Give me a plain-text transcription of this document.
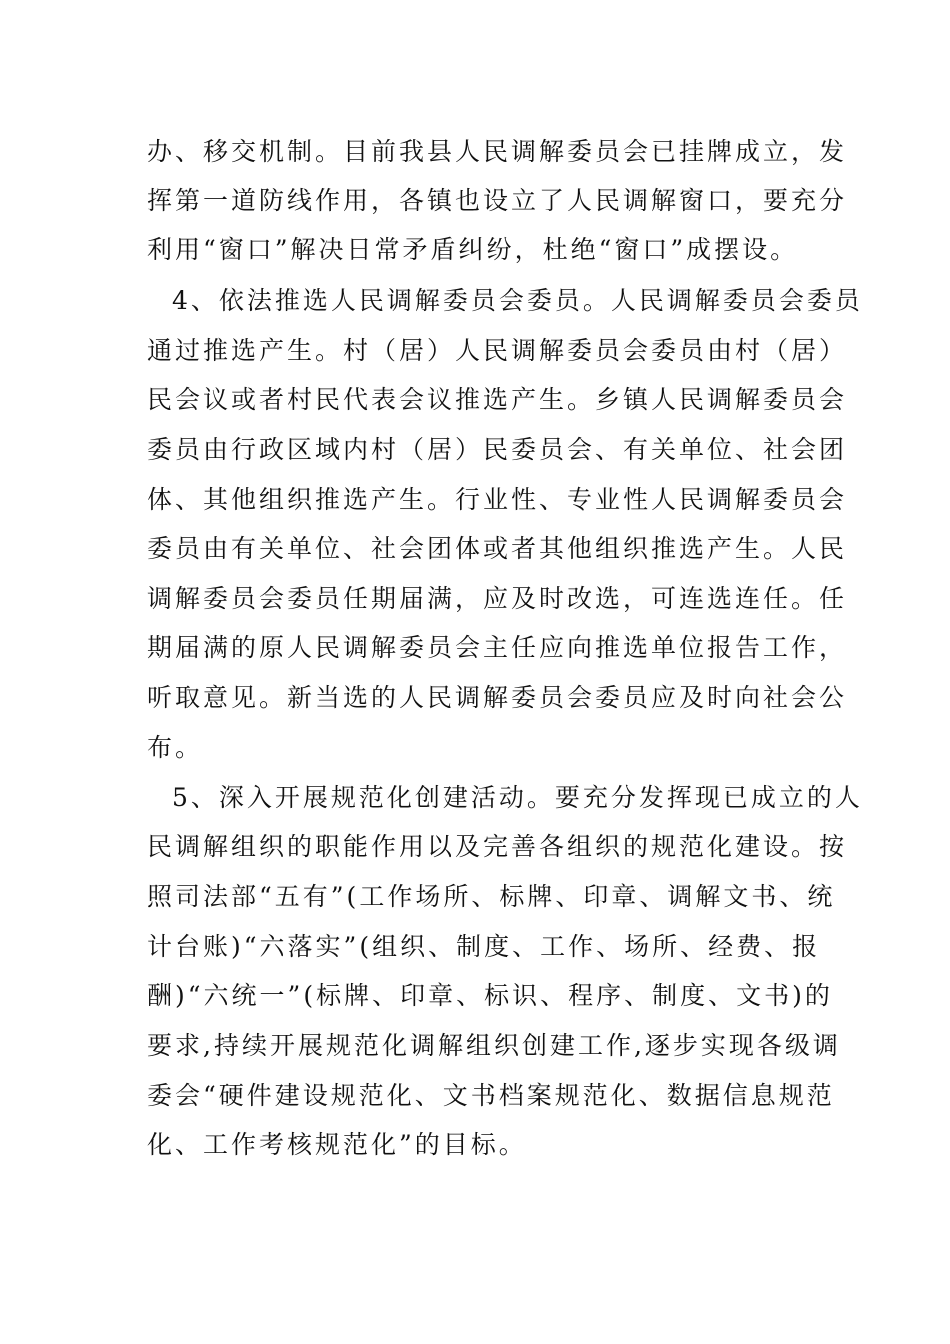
办、移交机制。目前我县人民调解委员会已挂牌成立，发
挥第一道防线作用，各镇也设立了人民调解窗口，要充分
利用“窗口”解决日常矛盾纠纷，杜绝“窗口”成摆设。
4、依法推选人民调解委员会委员。人民调解委员会委员
通过推选产生。村（居）人民调解委员会委员由村（居）
民会议或者村民代表会议推选产生。乡镇人民调解委员会
委员由行政区域内村（居）民委员会、有关单位、社会团
体、其他组织推选产生。行业性、专业性人民调解委员会
委员由有关单位、社会团体或者其他组织推选产生。人民
调解委员会委员任期届满，应及时改选，可连选连任。任
期届满的原人民调解委员会主任应向推选单位报告工作，
听取意见。新当选的人民调解委员会委员应及时向社会公
布。
5、深入开展规范化创建活动。要充分发挥现已成立的人
民调解组织的职能作用以及完善各组织的规范化建设。按
照司法部“五有”(工作场所、标牌、印章、调解文书、统
计台账)“六落实”(组织、制度、工作、场所、经费、报
酬)“六统一”(标牌、印章、标识、程序、制度、文书)的
要求,持续开展规范化调解组织创建工作,逐步实现各级调
委会“硬件建设规范化、文书档案规范化、数据信息规范
化、工作考核规范化”的目标。
